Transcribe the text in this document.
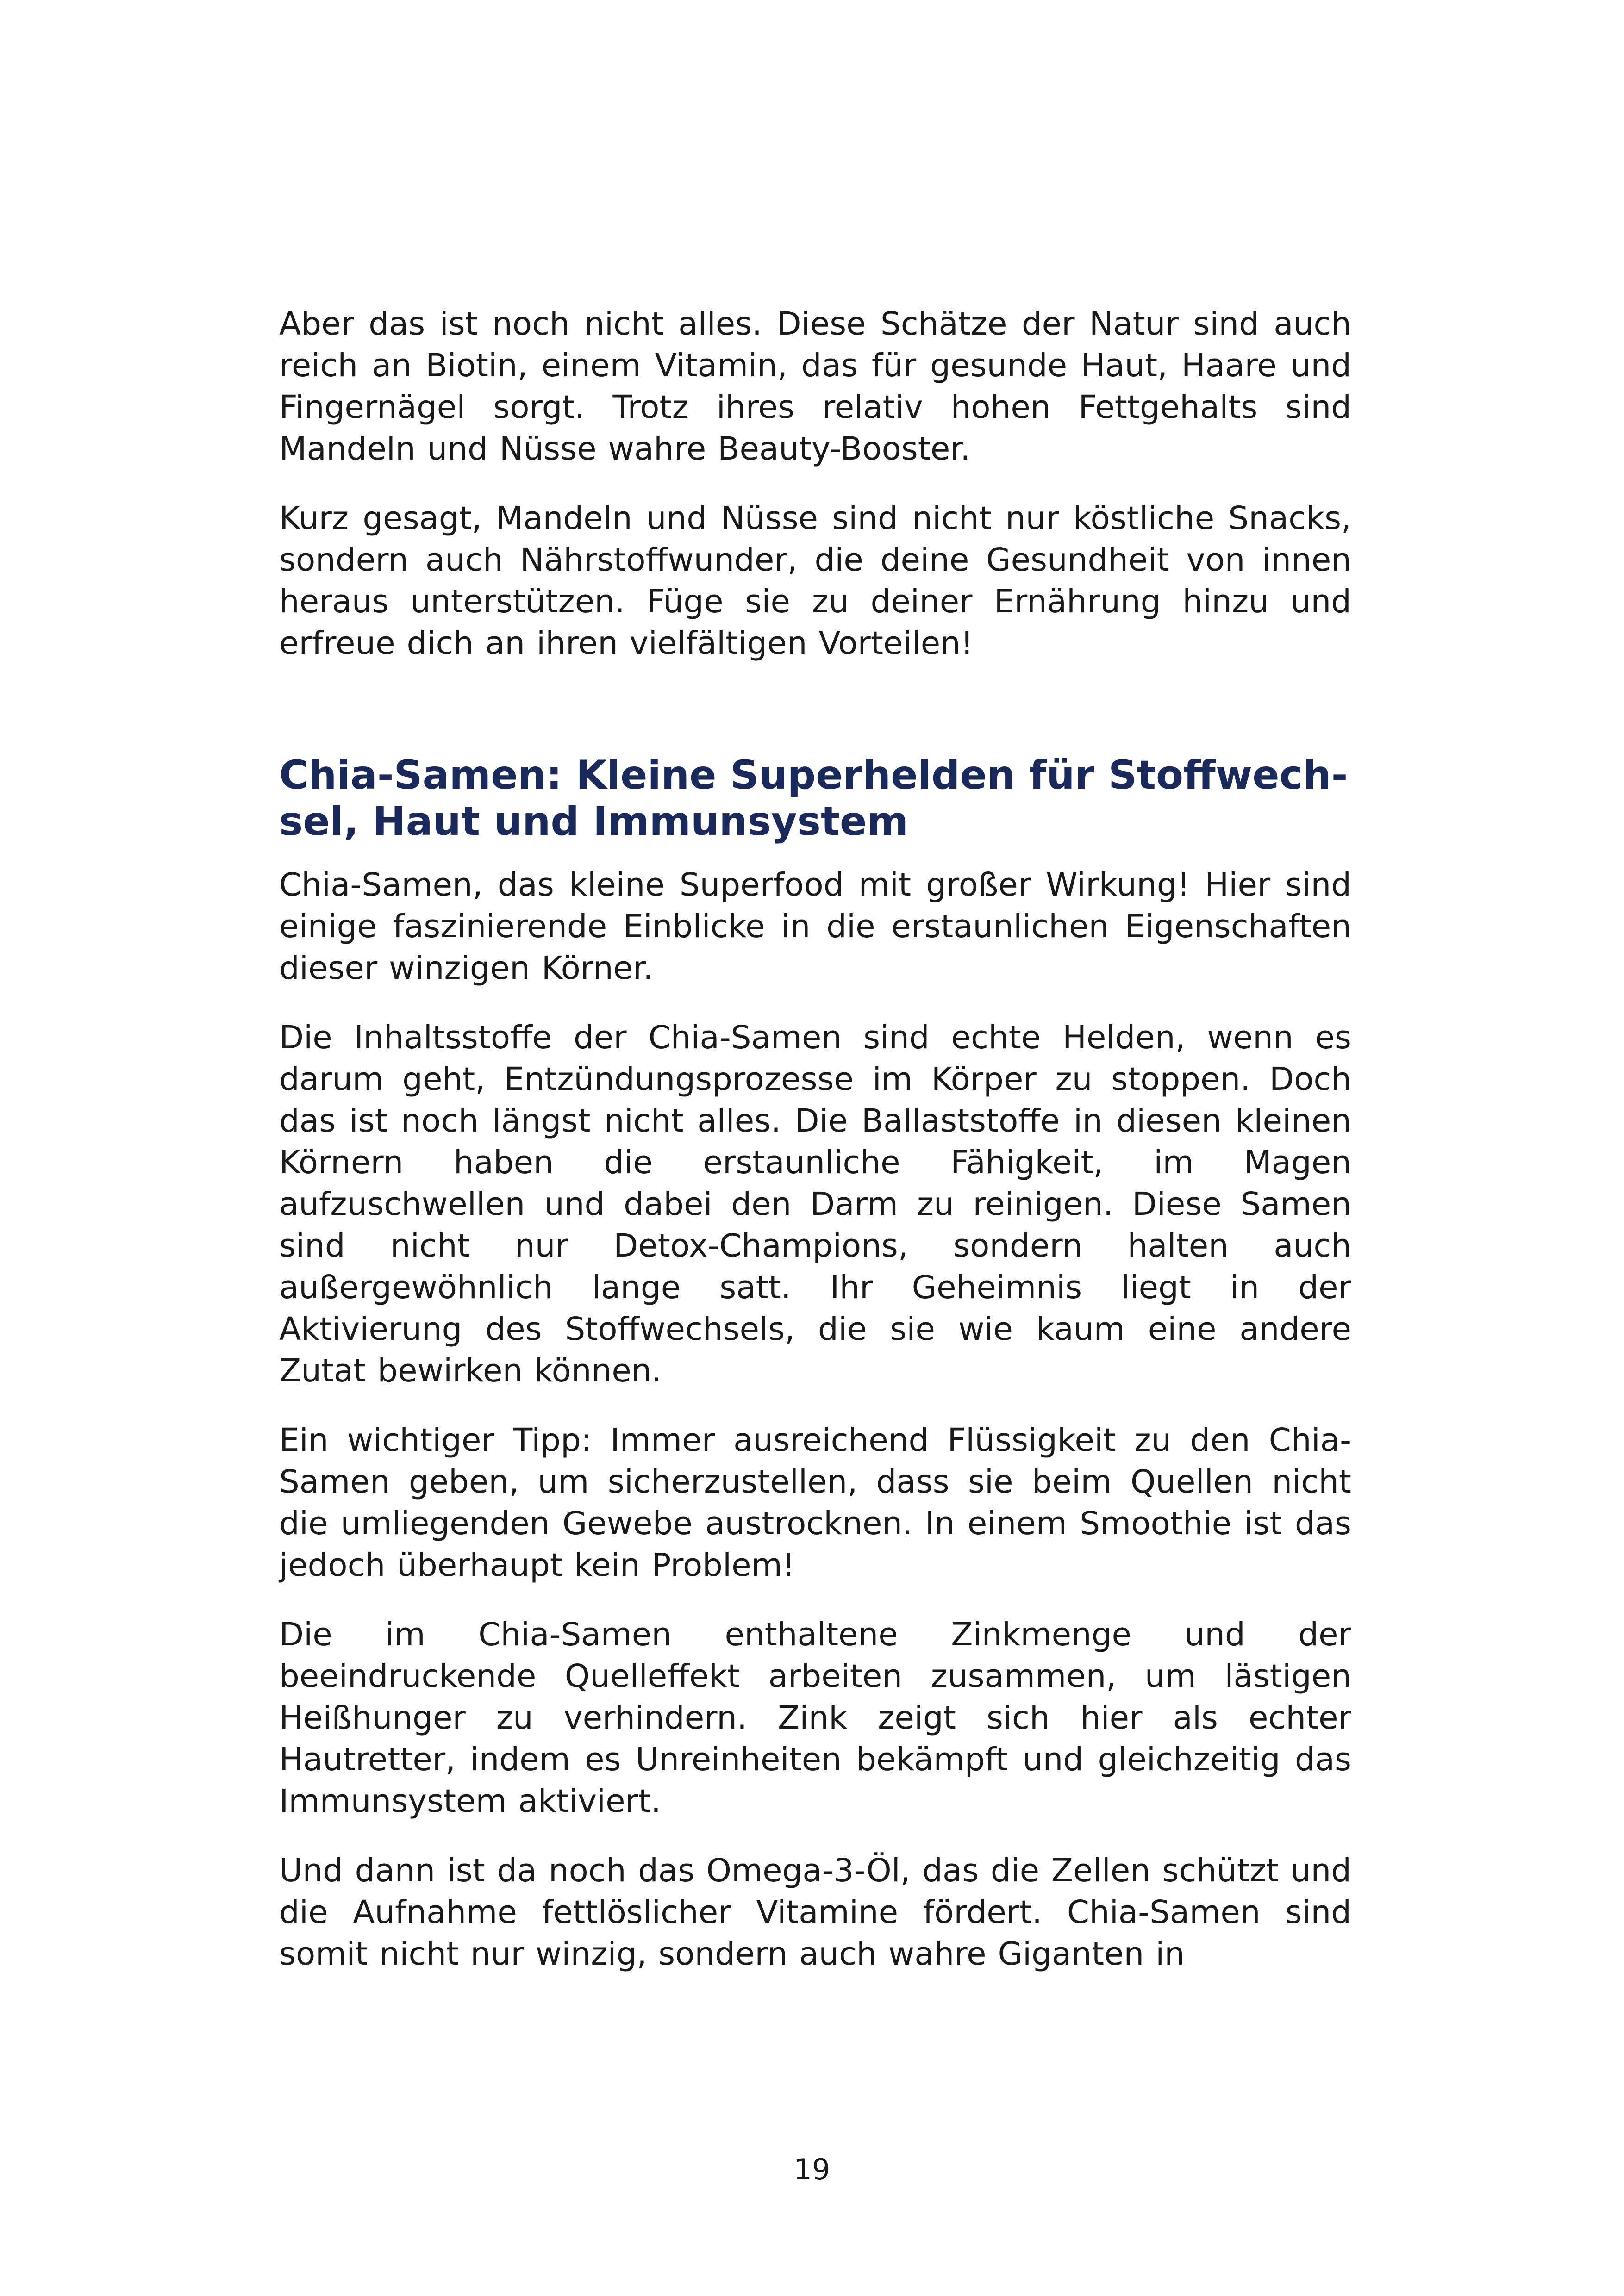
Aber das ist noch nicht alles. Diese Schätze der Natur sind auch reich an Biotin, einem Vitamin, das für gesunde Haut, Haare und Fingernägel sorgt. Trotz ihres relativ hohen Fettgehalts sind Mandeln und Nüsse wahre Beauty-Booster.

Kurz gesagt, Mandeln und Nüsse sind nicht nur köstliche Snacks, sondern auch Nährstoffwunder, die deine Gesundheit von innen heraus unterstützen. Füge sie zu deiner Ernährung hinzu und erfreue dich an ihren vielfältigen Vorteilen!

Chia-Samen: Kleine Superhelden für Stoffwech-
sel, Haut und Immunsystem

Chia-Samen, das kleine Superfood mit großer Wirkung! Hier sind einige faszinierende Einblicke in die erstaunlichen Eigenschaften dieser winzigen Körner.

Die Inhaltsstoffe der Chia-Samen sind echte Helden, wenn es darum geht, Entzündungsprozesse im Körper zu stoppen. Doch das ist noch längst nicht alles. Die Ballaststoffe in diesen kleinen Körnern haben die erstaunliche Fähigkeit, im Magen aufzuschwellen und dabei den Darm zu reinigen. Diese Samen sind nicht nur Detox-Champions, sondern halten auch außergewöhnlich lange satt. Ihr Geheimnis liegt in der Aktivierung des Stoffwechsels, die sie wie kaum eine andere Zutat bewirken können.

Ein wichtiger Tipp: Immer ausreichend Flüssigkeit zu den Chia-Samen geben, um sicherzustellen, dass sie beim Quellen nicht die umliegenden Gewebe austrocknen. In einem Smoothie ist das jedoch überhaupt kein Problem!

Die im Chia-Samen enthaltene Zinkmenge und der beeindruckende Quelleffekt arbeiten zusammen, um lästigen Heißhunger zu verhindern. Zink zeigt sich hier als echter Hautretter, indem es Unreinheiten bekämpft und gleichzeitig das Immunsystem aktiviert.

Und dann ist da noch das Omega-3-Öl, das die Zellen schützt und die Aufnahme fettlöslicher Vitamine fördert. Chia-Samen sind somit nicht nur winzig, sondern auch wahre Giganten in

19
